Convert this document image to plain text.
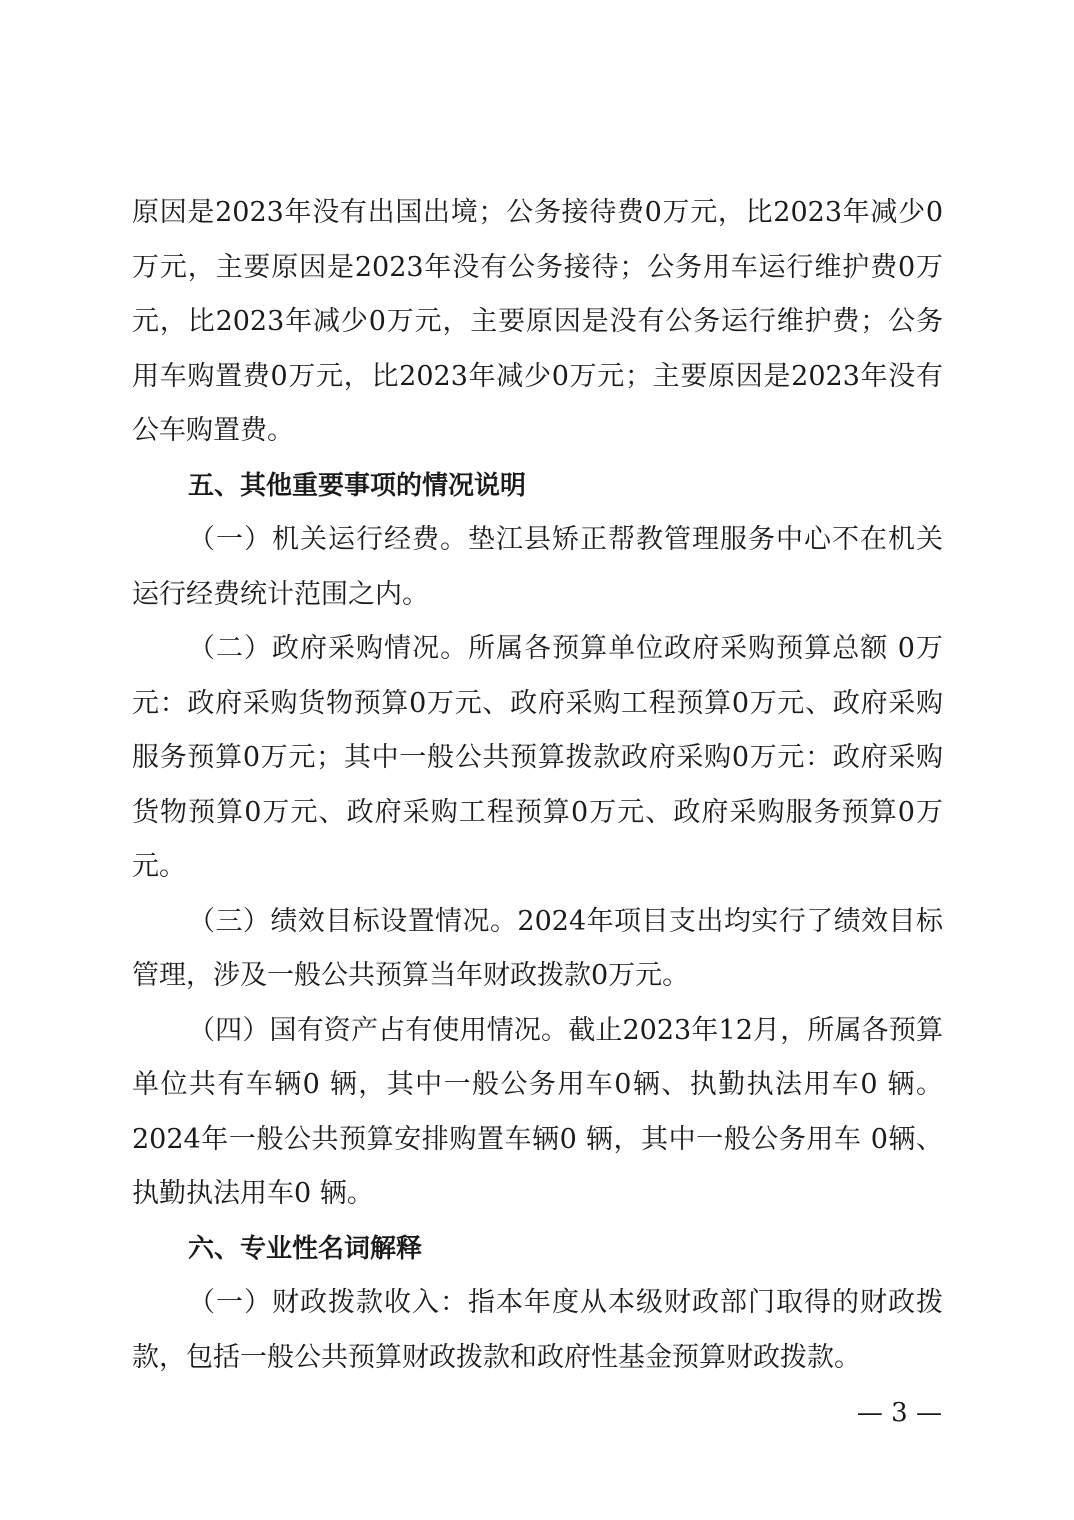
原因是2023年没有出国出境；公务接待费0万元，比2023年减少0万元，主要原因是2023年没有公务接待；公务用车运行维护费0万元，比2023年减少0万元，主要原因是没有公务运行维护费；公务用车购置费0万元，比2023年减少0万元；主要原因是2023年没有公车购置费。

五、其他重要事项的情况说明

（一）机关运行经费。垫江县矫正帮教管理服务中心不在机关运行经费统计范围之内。

（二）政府采购情况。所属各预算单位政府采购预算总额 0万元：政府采购货物预算0万元、政府采购工程预算0万元、政府采购服务预算0万元；其中一般公共预算拨款政府采购0万元：政府采购货物预算0万元、政府采购工程预算0万元、政府采购服务预算0万元。

（三）绩效目标设置情况。2024年项目支出均实行了绩效目标管理，涉及一般公共预算当年财政拨款0万元。

（四）国有资产占有使用情况。截止2023年12月，所属各预算单位共有车辆0 辆，其中一般公务用车0辆、执勤执法用车0 辆。2024年一般公共预算安排购置车辆0 辆，其中一般公务用车 0辆、执勤执法用车0 辆。

六、专业性名词解释

（一）财政拨款收入：指本年度从本级财政部门取得的财政拨款，包括一般公共预算财政拨款和政府性基金预算财政拨款。

— 3 —
